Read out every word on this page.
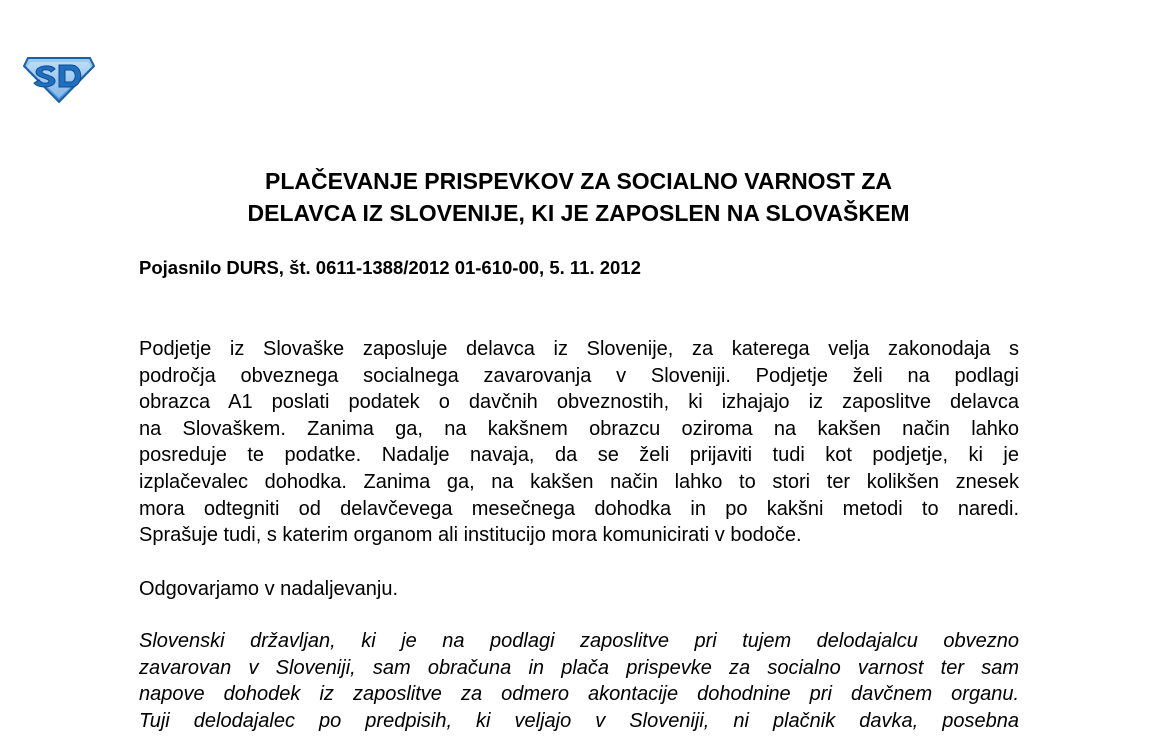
PLAČEVANJE PRISPEVKOV ZA SOCIALNO VARNOST ZA
DELAVCA IZ SLOVENIJE, KI JE ZAPOSLEN NA SLOVAŠKEM

Pojasnilo DURS, št. 0611-1388/2012 01-610-00, 5. 11. 2012

Podjetje iz Slovaške zaposluje delavca iz Slovenije, za katerega velja zakonodaja s
področja obveznega socialnega zavarovanja v Sloveniji. Podjetje želi na podlagi
obrazca A1 poslati podatek o davčnih obveznostih, ki izhajajo iz zaposlitve delavca
na Slovaškem. Zanima ga, na kakšnem obrazcu oziroma na kakšen način lahko
posreduje te podatke. Nadalje navaja, da se želi prijaviti tudi kot podjetje, ki je
izplačevalec dohodka. Zanima ga, na kakšen način lahko to stori ter kolikšen znesek
mora odtegniti od delavčevega mesečnega dohodka in po kakšni metodi to naredi.
Sprašuje tudi, s katerim organom ali institucijo mora komunicirati v bodoče.
Odgovarjamo v nadaljevanju.
Slovenski državljan, ki je na podlagi zaposlitve pri tujem delodajalcu obvezno
zavarovan v Sloveniji, sam obračuna in plača prispevke za socialno varnost ter sam
napove dohodek iz zaposlitve za odmero akontacije dohodnine pri davčnem organu.
Tuji delodajalec po predpisih, ki veljajo v Sloveniji, ni plačnik davka, posebna
